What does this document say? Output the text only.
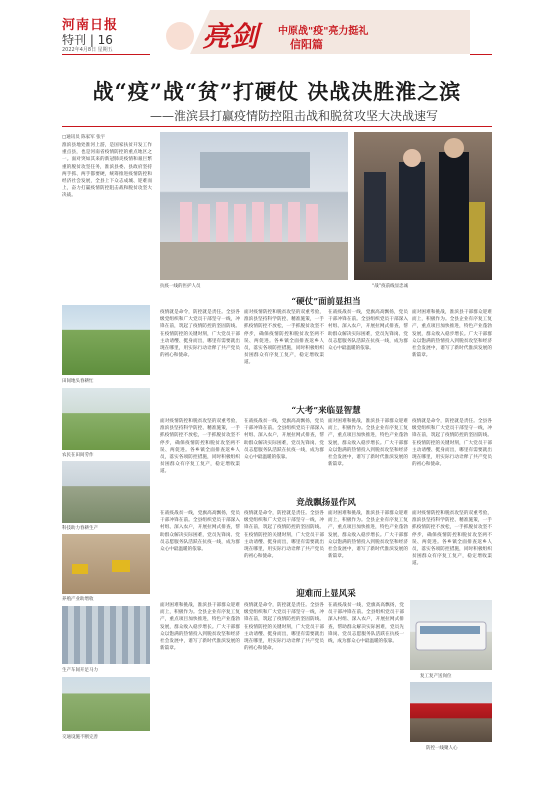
河南日报
特刊 | 16
2022年4月8日 星期五	亮剑	中原战"疫"亮力挺礼
信阳篇
战“疫”战“贫”打硬仗 决战决胜淮之滨
——淮滨县打赢疫情防控阻击战和脱贫攻坚大决战速写
□通讯员 陈家军 张宇
淮滨县地处淮河上游，是国家扶贫开发工作重点县，也是河南省疫情防控的重点地区之一。面对突如其来的新冠肺炎疫情和艰巨繁重的脱贫攻坚任务，淮滨县委、县政府坚持两手抓、两手都要硬，统筹推进疫情防控和经济社会发展，全县上下众志成城、迎难而上，奋力打赢疫情防控阻击战和脱贫攻坚大决战。
抗疫一线的医护人员	“战”疫前线显忠诚
田间地头春耕忙
农民在田间劳作
科技助力春耕生产
养殖产业助增收
生产车间开足马力
交通设施不断完善
“硬仗”面前显担当
疫情就是命令，防控就是责任。全县各级党组织和广大党员干部坚守一线，冲锋在前，筑起了疫情防控的坚固防线。在疫情防控的关键时刻，广大党员干部主动请缨、挺身而出，哪里有需要就出现在哪里，用实际行动诠释了共产党员的初心和使命。
面对疫情防控和脱贫攻坚的双重考验，淮滨县坚持科学防控、精准施策，一手抓疫情防控不放松，一手抓脱贫攻坚不停步，确保疫情防控和脱贫攻坚两不误、两促进。各乡镇全面排查返乡人员，落实各项防控措施，同时积极组织贫困群众有序复工复产，稳定增收渠道。
在战疫战贫一线，党旗高高飘扬，党员干部冲锋在前。全县组织党员干部深入村组、深入农户，开展拉网式排查，帮助群众解决实际困难，党员先锋岗、党员志愿服务队活跃在抗疫一线，成为群众心中最温暖的依靠。
面对困难和挑战，淮滨县干部群众迎难而上，积极作为。全县企业有序复工复产，重点项目加快推进，特色产业蓬勃发展，群众收入稳步增长。广大干部群众以饱满的热情投入到脱贫攻坚和经济社会发展中，谱写了新时代淮滨发展的新篇章。
“大考”来临显智慧
面对疫情防控和脱贫攻坚的双重考验，淮滨县坚持科学防控、精准施策，一手抓疫情防控不放松，一手抓脱贫攻坚不停步，确保疫情防控和脱贫攻坚两不误、两促进。各乡镇全面排查返乡人员，落实各项防控措施，同时积极组织贫困群众有序复工复产，稳定增收渠道。
在战疫战贫一线，党旗高高飘扬，党员干部冲锋在前。全县组织党员干部深入村组、深入农户，开展拉网式排查，帮助群众解决实际困难，党员先锋岗、党员志愿服务队活跃在抗疫一线，成为群众心中最温暖的依靠。
面对困难和挑战，淮滨县干部群众迎难而上，积极作为。全县企业有序复工复产，重点项目加快推进，特色产业蓬勃发展，群众收入稳步增长。广大干部群众以饱满的热情投入到脱贫攻坚和经济社会发展中，谱写了新时代淮滨发展的新篇章。
疫情就是命令，防控就是责任。全县各级党组织和广大党员干部坚守一线，冲锋在前，筑起了疫情防控的坚固防线。在疫情防控的关键时刻，广大党员干部主动请缨、挺身而出，哪里有需要就出现在哪里，用实际行动诠释了共产党员的初心和使命。
竞战飘扬显作风
在战疫战贫一线，党旗高高飘扬，党员干部冲锋在前。全县组织党员干部深入村组、深入农户，开展拉网式排查，帮助群众解决实际困难，党员先锋岗、党员志愿服务队活跃在抗疫一线，成为群众心中最温暖的依靠。
疫情就是命令，防控就是责任。全县各级党组织和广大党员干部坚守一线，冲锋在前，筑起了疫情防控的坚固防线。在疫情防控的关键时刻，广大党员干部主动请缨、挺身而出，哪里有需要就出现在哪里，用实际行动诠释了共产党员的初心和使命。
面对困难和挑战，淮滨县干部群众迎难而上，积极作为。全县企业有序复工复产，重点项目加快推进，特色产业蓬勃发展，群众收入稳步增长。广大干部群众以饱满的热情投入到脱贫攻坚和经济社会发展中，谱写了新时代淮滨发展的新篇章。
面对疫情防控和脱贫攻坚的双重考验，淮滨县坚持科学防控、精准施策，一手抓疫情防控不放松，一手抓脱贫攻坚不停步，确保疫情防控和脱贫攻坚两不误、两促进。各乡镇全面排查返乡人员，落实各项防控措施，同时积极组织贫困群众有序复工复产，稳定增收渠道。
迎难而上显风采
面对困难和挑战，淮滨县干部群众迎难而上，积极作为。全县企业有序复工复产，重点项目加快推进，特色产业蓬勃发展，群众收入稳步增长。广大干部群众以饱满的热情投入到脱贫攻坚和经济社会发展中，谱写了新时代淮滨发展的新篇章。
疫情就是命令，防控就是责任。全县各级党组织和广大党员干部坚守一线，冲锋在前，筑起了疫情防控的坚固防线。在疫情防控的关键时刻，广大党员干部主动请缨、挺身而出，哪里有需要就出现在哪里，用实际行动诠释了共产党员的初心和使命。
在战疫战贫一线，党旗高高飘扬，党员干部冲锋在前。全县组织党员干部深入村组、深入农户，开展拉网式排查，帮助群众解决实际困难，党员先锋岗、党员志愿服务队活跃在抗疫一线，成为群众心中最温暖的依靠。
复工复产送岗位
防控一线聚人心
